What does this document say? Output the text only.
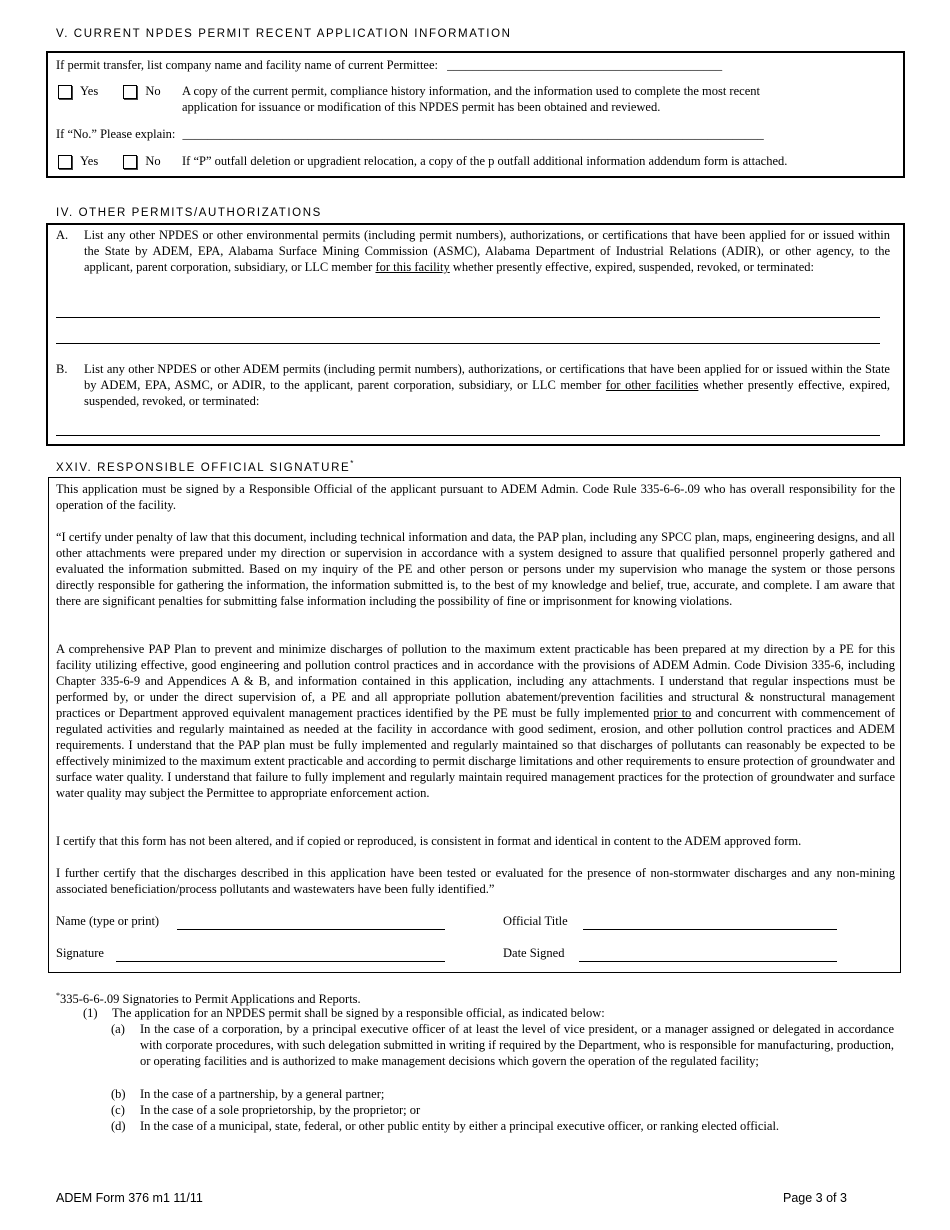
V. CURRENT NPDES PERMIT RECENT APPLICATION INFORMATION
If permit transfer, list company name and facility name of current Permittee: ____________________________________________
Yes	No A copy of the current permit, compliance history information, and the information used to complete the most recent
application for issuance or modification of this NPDES permit has been obtained and reviewed.
If “No.” Please explain: _____________________________________________________________________________________________
Yes	No If “P” outfall deletion or upgradient relocation, a copy of the p outfall additional information addendum form is attached.
IV. OTHER PERMITS/AUTHORIZATIONS
A. List any other NPDES or other environmental permits (including permit numbers), authorizations, or certifications that have been applied for or issued within the State by ADEM, EPA, Alabama Surface Mining Commission (ASMC), Alabama Department of Industrial Relations (ADIR), or other agency, to the applicant, parent corporation, subsidiary, or LLC member for this facility whether presently effective, expired, suspended, revoked, or terminated:
B. List any other NPDES or other ADEM permits (including permit numbers), authorizations, or certifications that have been applied for or issued within the State by ADEM, EPA, ASMC, or ADIR, to the applicant, parent corporation, subsidiary, or LLC member for other facilities whether presently effective, expired, suspended, revoked, or terminated:
XXIV. RESPONSIBLE OFFICIAL SIGNATURE*
This application must be signed by a Responsible Official of the applicant pursuant to ADEM Admin. Code Rule 335-6-6-.09 who has overall responsibility for the operation of the facility.
“I certify under penalty of law that this document, including technical information and data, the PAP plan, including any SPCC plan, maps, engineering designs, and all other attachments were prepared under my direction or supervision in accordance with a system designed to assure that qualified personnel properly gathered and evaluated the information submitted. Based on my inquiry of the PE and other person or persons under my supervision who manage the system or those persons directly responsible for gathering the information, the information submitted is, to the best of my knowledge and belief, true, accurate, and complete. I am aware that there are significant penalties for submitting false information including the possibility of fine or imprisonment for knowing violations.
A comprehensive PAP Plan to prevent and minimize discharges of pollution to the maximum extent practicable has been prepared at my direction by a PE for this facility utilizing effective, good engineering and pollution control practices and in accordance with the provisions of ADEM Admin. Code Division 335-6, including Chapter 335-6-9 and Appendices A & B, and information contained in this application, including any attachments. I understand that regular inspections must be performed by, or under the direct supervision of, a PE and all appropriate pollution abatement/prevention facilities and structural & nonstructural management practices or Department approved equivalent management practices identified by the PE must be fully implemented prior to and concurrent with commencement of regulated activities and regularly maintained as needed at the facility in accordance with good sediment, erosion, and other pollution control practices and ADEM requirements. I understand that the PAP plan must be fully implemented and regularly maintained so that discharges of pollutants can reasonably be expected to be effectively minimized to the maximum extent practicable and according to permit discharge limitations and other requirements to ensure protection of groundwater and surface water quality. I understand that failure to fully implement and regularly maintain required management practices for the protection of groundwater and surface water quality may subject the Permittee to appropriate enforcement action.
I certify that this form has not been altered, and if copied or reproduced, is consistent in format and identical in content to the ADEM approved form.
I further certify that the discharges described in this application have been tested or evaluated for the presence of non-stormwater discharges and any non-mining associated beneficiation/process pollutants and wastewaters have been fully identified.”
Name (type or print)	Official Title
Signature	Date Signed
*335-6-6-.09 Signatories to Permit Applications and Reports.
(1) The application for an NPDES permit shall be signed by a responsible official, as indicated below:
(a) In the case of a corporation, by a principal executive officer of at least the level of vice president, or a manager assigned or delegated in accordance with corporate procedures, with such delegation submitted in writing if required by the Department, who is responsible for manufacturing, production, or operating facilities and is authorized to make management decisions which govern the operation of the regulated facility;
(b) In the case of a partnership, by a general partner;
(c) In the case of a sole proprietorship, by the proprietor; or
(d) In the case of a municipal, state, federal, or other public entity by either a principal executive officer, or ranking elected official.
ADEM Form 376 m1 11/11	Page 3 of 3
